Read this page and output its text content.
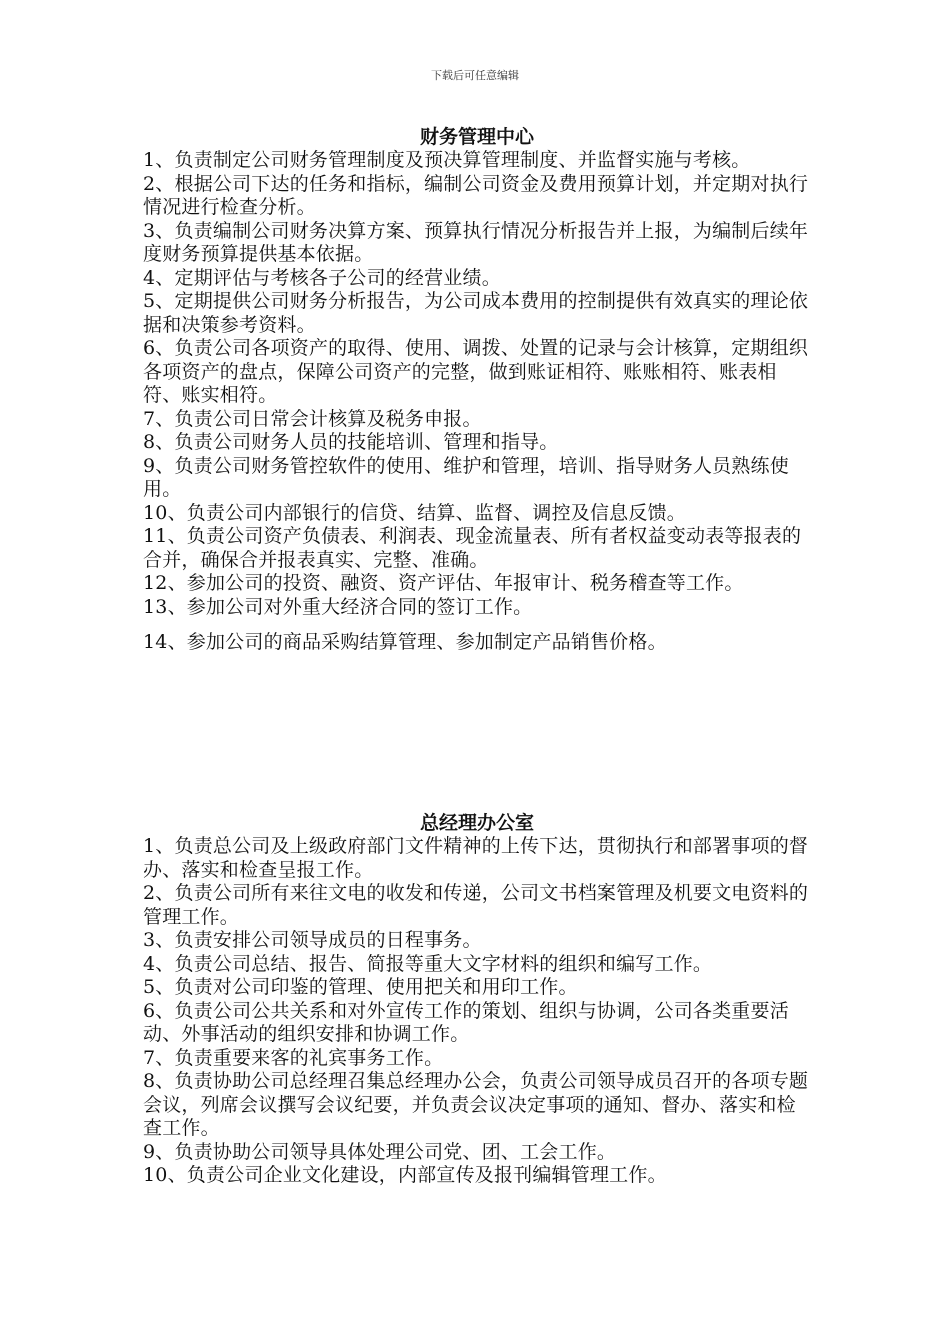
下载后可任意编辑

财务管理中心

1、负责制定公司财务管理制度及预决算管理制度、并监督实施与考核。

2、根据公司下达的任务和指标，编制公司资金及费用预算计划，并定期对执行情况进行检查分析。

3、负责编制公司财务决算方案、预算执行情况分析报告并上报，为编制后续年度财务预算提供基本依据。

4、定期评估与考核各子公司的经营业绩。

5、定期提供公司财务分析报告，为公司成本费用的控制提供有效真实的理论依据和决策参考资料。

6、负责公司各项资产的取得、使用、调拨、处置的记录与会计核算，定期组织各项资产的盘点，保障公司资产的完整，做到账证相符、账账相符、账表相符、账实相符。

7、负责公司日常会计核算及税务申报。

8、负责公司财务人员的技能培训、管理和指导。

9、负责公司财务管控软件的使用、维护和管理，培训、指导财务人员熟练使用。

10、负责公司内部银行的信贷、结算、监督、调控及信息反馈。

11、负责公司资产负债表、利润表、现金流量表、所有者权益变动表等报表的合并，确保合并报表真实、完整、准确。

12、参加公司的投资、融资、资产评估、年报审计、税务稽查等工作。

13、参加公司对外重大经济合同的签订工作。

14、参加公司的商品采购结算管理、参加制定产品销售价格。

总经理办公室

1、负责总公司及上级政府部门文件精神的上传下达，贯彻执行和部署事项的督办、落实和检查呈报工作。

2、负责公司所有来往文电的收发和传递，公司文书档案管理及机要文电资料的管理工作。

3、负责安排公司领导成员的日程事务。

4、负责公司总结、报告、简报等重大文字材料的组织和编写工作。

5、负责对公司印鉴的管理、使用把关和用印工作。

6、负责公司公共关系和对外宣传工作的策划、组织与协调，公司各类重要活动、外事活动的组织安排和协调工作。

7、负责重要来客的礼宾事务工作。

8、负责协助公司总经理召集总经理办公会，负责公司领导成员召开的各项专题会议，列席会议撰写会议纪要，并负责会议决定事项的通知、督办、落实和检查工作。

9、负责协助公司领导具体处理公司党、团、工会工作。

10、负责公司企业文化建设，内部宣传及报刊编辑管理工作。
